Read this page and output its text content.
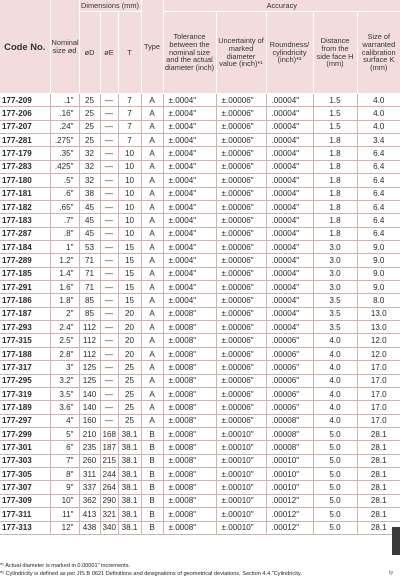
Code No.	Nominal size ød	Dimensions (mm)			Type	Accuracy				
		øD	øE	T		Tolerance between the nominal size and the actual diameter (inch)	Uncertainty of marked diameter value (inch)*¹	Roundness/ cylindricity (inch)*²	Distance from the side face H (mm)	Size of warranted calibration surface K (mm)
177-209	.1"	25	—	7	A	±.0004"	±.00006"	.00004"	1.5	4.0
177-206	.16"	25	—	7	A	±.0004"	±.00006"	.00004"	1.5	4.0
177-207	.24"	25	—	7	A	±.0004"	±.00006"	.00004"	1.5	4.0
177-281	.275"	25	—	7	A	±.0004"	±.00006"	.00004"	1.8	3.4
177-179	.35"	32	—	10	A	±.0004"	±.00006"	.00004"	1.8	6.4
177-283	.425"	32	—	10	A	±.0004"	±.00006"	.00004"	1.8	6.4
177-180	.5"	32	—	10	A	±.0004"	±.00006"	.00004"	1.8	6.4
177-181	.6"	38	—	10	A	±.0004"	±.00006"	.00004"	1.8	6.4
177-182	.65"	45	—	10	A	±.0004"	±.00006"	.00004"	1.8	6.4
177-183	.7"	45	—	10	A	±.0004"	±.00006"	.00004"	1.8	6.4
177-287	.8"	45	—	10	A	±.0004"	±.00006"	.00004"	1.8	6.4
177-184	1"	53	—	15	A	±.0004"	±.00006"	.00004"	3.0	9.0
177-289	1.2"	71	—	15	A	±.0004"	±.00006"	.00004"	3.0	9.0
177-185	1.4"	71	—	15	A	±.0004"	±.00006"	.00004"	3.0	9.0
177-291	1.6"	71	—	15	A	±.0004"	±.00006"	.00004"	3.0	9.0
177-186	1.8"	85	—	15	A	±.0004"	±.00006"	.00004"	3.5	8.0
177-187	2"	85	—	20	A	±.0008"	±.00006"	.00004"	3.5	13.0
177-293	2.4"	112	—	20	A	±.0008"	±.00006"	.00004"	3.5	13.0
177-315	2.5"	112	—	20	A	±.0008"	±.00006"	.00006"	4.0	12.0
177-188	2.8"	112	—	20	A	±.0008"	±.00006"	.00006"	4.0	12.0
177-317	3"	125	—	25	A	±.0008"	±.00006"	.00006"	4.0	17.0
177-295	3.2"	125	—	25	A	±.0008"	±.00006"	.00006"	4.0	17.0
177-319	3.5"	140	—	25	A	±.0008"	±.00006"	.00006"	4.0	17.0
177-189	3.6"	140	—	25	A	±.0008"	±.00006"	.00006"	4.0	17.0
177-297	4"	160	—	25	A	±.0008"	±.00006"	.00008"	4.0	17.0
177-299	5"	210	168	38.1	B	±.0008"	±.00010"	.00008"	5.0	28.1
177-301	6"	235	187	38.1	B	±.0008"	±.00010"	.00008"	5.0	28.1
177-303	7"	260	215	38.1	B	±.0008"	±.00010"	.00010"	5.0	28.1
177-305	8"	311	244	38.1	B	±.0008"	±.00010"	.00010"	5.0	28.1
177-307	9"	337	264	38.1	B	±.0008"	±.00010"	.00010"	5.0	28.1
177-309	10"	362	290	38.1	B	±.0008"	±.00010"	.00012"	5.0	28.1
177-311	11"	413	321	38.1	B	±.0008"	±.00010"	.00012"	5.0	28.1
177-313	12"	438	340	38.1	B	±.0008"	±.00010"	.00012"	5.0	28.1
*¹ Actual diameter is marked in 0.00001" increments.
*² Cylindricity is defined as per JIS B 0621 Definitions and designations of geometrical deviations, Section 4.4 "Cylindricity.	ty
